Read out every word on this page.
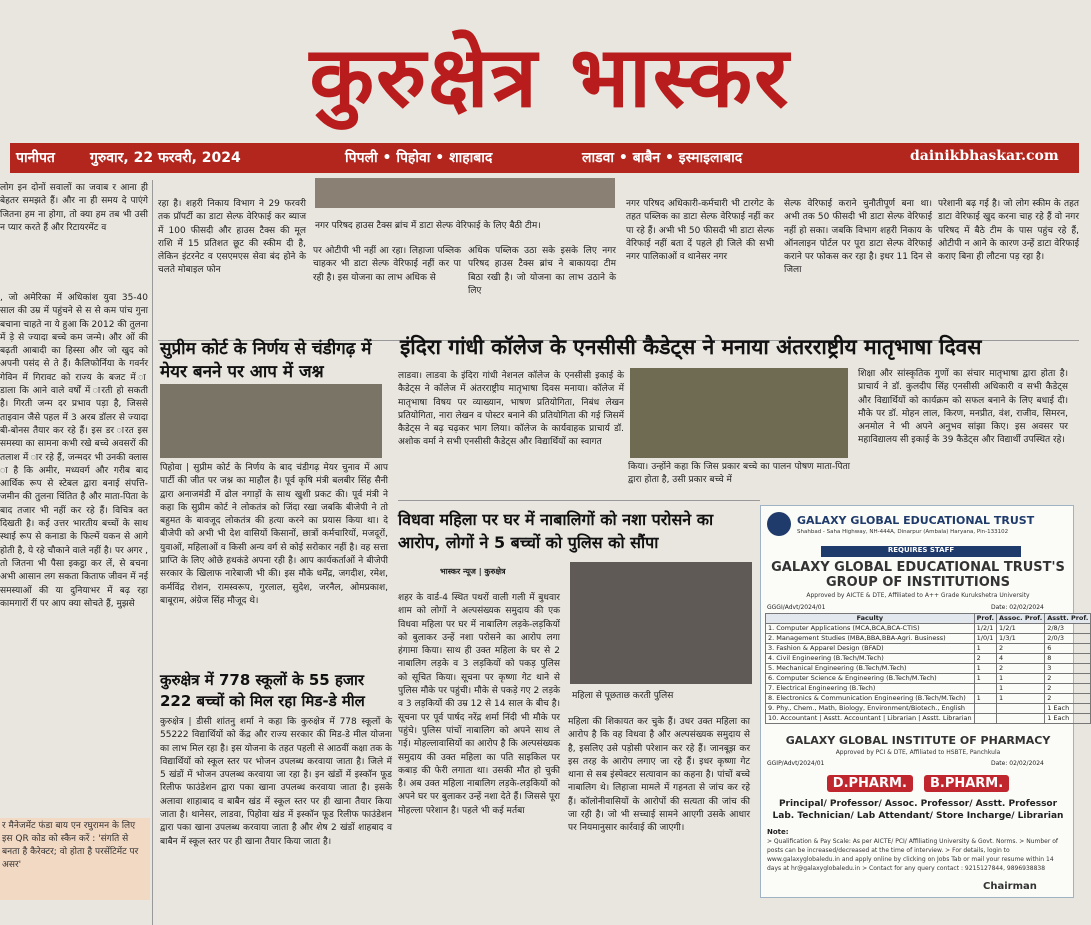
कुरुक्षेत्र भास्कर
पानीपत	गुरुवार, 22 फरवरी, 2024	पिपली • पिहोवा • शाहाबाद	लाडवा • बाबैन • इस्माइलाबाद	dainikbhaskar.com
लोग इन दोनों सवालों का जवाब र आना ही बेहतर समझते हैं। और ना ही समय दे पाएंगे जितना हम ना होगा, तो क्या हम तब भी उसी न प्यार करते हैं और रिटायरमेंट व
रहा है। शहरी निकाय विभाग ने 29 फरवरी तक प्रॉपर्टी का डाटा सेल्फ वेरिफाई कर ब्याज में 100 फीसदी और हाउस टैक्स की मूल राशि में 15 प्रतिशत छूट की स्कीम दी है, लेकिन इंटरनेट व एसएमएस सेवा बंद होने के चलते मोबाइल फोन
नगर परिषद हाउस टैक्स ब्रांच में डाटा सेल्फ वेरिफाई के लिए बैठी टीम।
पर ओटीपी भी नहीं आ रहा। लिहाजा पब्लिक चाहकर भी डाटा सेल्फ वेरिफाई नहीं कर पा रही है। इस योजना का लाभ अधिक से
अधिक पब्लिक उठा सके इसके लिए नगर परिषद हाउस टैक्स ब्रांच ने बाकायदा टीम बिठा रखी है। जो योजना का लाभ उठाने के लिए
नगर परिषद अधिकारी-कर्मचारी भी टारगेट के तहत पब्लिक का डाटा सेल्फ वेरिफाई नहीं कर पा रहे हैं। अभी भी 50 फीसदी भी डाटा सेल्फ वेरिफाई नहीं बता दें पहले ही जिले की सभी नगर पालिकाओं व थानेसर नगर
सेल्फ वेरिफाई कराने चुनौतीपूर्ण बना था। अभी तक 50 फीसदी भी डाटा सेल्फ वेरिफाई नहीं हो सका। जबकि विभाग शहरी निकाय के ऑनलाइन पोर्टल पर पूरा डाटा सेल्फ वेरिफाई कराने पर फोकस कर रहा है। इधर 11 दिन से जिला
परेशानी बढ़ गई है। जो लोग स्कीम के तहत डाटा वेरिफाई खुद करना चाह रहे हैं वो नगर परिषद में बैठे टीम के पास पहुंच रहे हैं, ओटीपी न आने के कारण उन्हें डाटा वेरिफाई कराए बिना ही लौटना पड़ रहा है।
, जो अमेरिका में अधिकांश युवा 35-40 साल की उम्र में पहुंचने से स से कम पांच गुना बचाना चाहते ना ये हुआ कि 2012 की तुलना में ड़े से ज्यादा बच्चे कम जन्मे। और ओं की बढ़ती आबादी का हिस्सा और जो खुद को अपनी पसंद से ते हैं। कैलिफोर्निया के गवर्नर गेविन में गिरावट को राज्य के बजट में ा डाला कि आने वाले वर्षों में ारती हो सकती है। गिरती जन्म दर प्रभाव पड़ा है, जिससे ताइवान जैसे पहल में 3 अरब डॉलर से ज्यादा बी-बोनस तैयार कर रहे हैं। इस डर ारत इस समस्या का सामना कभी रखे बच्चे अवसरों की तलाश में ार रहे हैं, जन्मदर भी उनकी क्लास ा है कि अमीर, मध्यवर्ग और गरीब बाद आर्थिक रूप से स्टेबल द्वारा बनाई संपत्ति-जमीन की तुलना चिंतित है और माता-पिता के बाद तजार भी नहीं कर रहे हैं। विचित्र क्त दिखती है। कई उत्तर भारतीय बच्चों के साथ स्थाई रूप से कनाडा के फिल्में यकन से आगे होती है, ये रहे चौकाने वाले नहीं है। पर अगर , तो जितना भी पैसा इकट्ठा कर लें, से बचना अभी आसान लग सकता किताफ जीवन में नई समस्याओं की या दुनियाभर में बढ़ रहा कामगारों रीं पर आप क्या सोचते हैं, मुझसे
र मैनेजमेंट फंडा बाय एन रघुरामन के लिए इस QR कोड को स्कैन करें : 'संगति से बनता है कैरेक्टर; वो होता है परसेंटिमेंट पर असर'
सुप्रीम कोर्ट के निर्णय से चंडीगढ़ में मेयर बनने पर आप में जश्न
पिहोवा | सुप्रीम कोर्ट के निर्णय के बाद चंडीगढ़ मेयर चुनाव में आप पार्टी की जीत पर जश्न का माहौल है। पूर्व कृषि मंत्री बलबीर सिंह सैनी द्वारा अनाजमंडी में ढोल नगाड़ों के साथ खुशी प्रकट की। पूर्व मंत्री ने कहा कि सुप्रीम कोर्ट ने लोकतंत्र को जिंदा रखा जबकि बीजेपी ने तो बहुमत के बावजूद लोकतंत्र की हत्या करने का प्रयास किया था। दे बीजेपी को अभी भी देश वासियों किसानों, छात्रों कर्मचारियों, मजदूरों, युवाओं, महिलाओं व किसी अन्य वर्ग से कोई सरोकार नहीं है। वह सत्ता प्राप्ति के लिए ओछे हथकंडे अपना रही है। आप कार्यकर्ताओं ने बीजेपी सरकार के खिलाफ नारेबाजी भी की। इस मौके धर्मेंद्र, जगदीश, रमेश, कर्मविंद्र रोशन, रामस्वरूप, गुरलाल, सुदेश, जरनैल, ओमप्रकाश, बाबूराम, अंग्रेज सिंह मौजूद थे।
कुरुक्षेत्र में 778 स्कूलों के 55 हजार 222 बच्चों को मिल रहा मिड-डे मील
कुरुक्षेत्र | डीसी शांतनु शर्मा ने कहा कि कुरुक्षेत्र में 778 स्कूलों के 55222 विद्यार्थियों को केंद्र और राज्य सरकार की मिड-डे मील योजना का लाभ मिल रहा है। इस योजना के तहत पहली से आठवीं कक्षा तक के विद्यार्थियों को स्कूल स्तर पर भोजन उपलब्ध करवाया जाता है। जिले में 5 खंडों में भोजन उपलब्ध करवाया जा रहा है। इन खंडों में इस्कॉन फूड रिलीफ फाउंडेशन द्वारा पका खाना उपलब्ध करवाया जाता है। इसके अलावा शाहाबाद व बाबैन खंड में स्कूल स्तर पर ही खाना तैयार किया जाता है। थानेसर, लाडवा, पिहोवा खंड में इस्कॉन फूड रिलीफ फाउंडेशन द्वारा पका खाना उपलब्ध करवाया जाता है और शेष 2 खंडों शाहबाद व बाबैन में स्कूल स्तर पर ही खाना तैयार किया जाता है।
इंदिरा गांधी कॉलेज के एनसीसी कैडेट्स ने मनाया अंतरराष्ट्रीय मातृभाषा दिवस
लाडवा। लाडवा के इंदिरा गांधी नेशनल कॉलेज के एनसीसी इकाई के कैडेट्स ने कॉलेज में अंतरराष्ट्रीय मातृभाषा दिवस मनाया। कॉलेज में मातृभाषा विषय पर व्याख्यान, भाषण प्रतियोगिता, निबंध लेखन प्रतियोगिता, नारा लेखन व पोस्टर बनाने की प्रतियोगिता की गई जिसमें कैडेट्स ने बढ़ चढ़कर भाग लिया। कॉलेज के कार्यवाहक प्राचार्य डॉ. अशोक वर्मा ने सभी एनसीसी कैडेट्स और विद्यार्थियों का स्वागत
किया। उन्होंने कहा कि जिस प्रकार बच्चे का पालन पोषण माता-पिता द्वारा होता है, उसी प्रकार बच्चे में
शिक्षा और सांस्कृतिक गुणों का संचार मातृभाषा द्वारा होता है। प्राचार्य ने डॉ. कुलदीप सिंह एनसीसी अधिकारी व सभी कैडेट्स और विद्यार्थियों को कार्यक्रम को सफल बनाने के लिए बधाई दी। मौके पर डॉ. मोहन लाल, किरण, मनप्रीत, वंश, राजीव, सिमरन, अनमोल ने भी अपने अनुभव सांझा किए। इस अवसर पर महाविद्यालय सी इकाई के 39 कैडेट्स और विद्यार्थी उपस्थित रहे।
विधवा महिला पर घर में नाबालिगों को नशा परोसने का आरोप, लोगों ने 5 बच्चों को पुलिस को सौंपा
भास्कर न्यूज | कुरुक्षेत्र
शहर के वार्ड-4 स्थित पथरों वाली गली में बुधवार शाम को लोगों ने अल्पसंख्यक समुदाय की एक विधवा महिला पर घर में नाबालिग लड़के-लड़कियों को बुलाकर उन्हें नशा परोसने का आरोप लगा हंगामा किया। साथ ही उक्त महिला के घर से 2 नाबालिग लड़के व 3 लड़कियों को पकड़ पुलिस को सूचित किया। सूचना पर कृष्णा गेट थाने से पुलिस मौके पर पहुंची। मौके से पकड़े गए 2 लड़के व 3 लड़कियों की उम्र 12 से 14 साल के बीच है। सूचना पर पूर्व पार्षद नरेंद्र शर्मा निंदी भी मौके पर पहुंचे। पुलिस पांचों नाबालिग को अपने साथ ले गई। मोहल्लावासियों का आरोप है कि अल्पसंख्यक समुदाय की उक्त महिला का पति साइकिल पर कबाड़ की फेरी लगाता था। उसकी मौत हो चुकी है। अब उक्त महिला नाबालिग लड़के-लड़कियों को अपने घर पर बुलाकर उन्हें नशा देते हैं। जिससे पूरा मोहल्ला परेशान है। पहले भी कई मर्तबा
महिला से पूछताछ करती पुलिस
महिला की शिकायत कर चुके हैं। उधर उक्त महिला का आरोप है कि वह विधवा है और अल्पसंख्यक समुदाय से है, इसलिए उसे पड़ोसी परेशान कर रहे हैं। जानबूझ कर इस तरह के आरोप लगाए जा रहे हैं। इधर कृष्णा गेट थाना से सब इंस्पेक्टर सत्यावान का कहना है। पांचों बच्चे नाबालिग थे। लिहाजा मामले में गहनता से जांच कर रहे हैं। कॉलोनीवासियों के आरोपों की सत्यता की जांच की जा रही है। जो भी सच्चाई सामने आएगी उसके आधार पर नियमानुसार कार्रवाई की जाएगी।
GALAXY GLOBAL EDUCATIONAL TRUST
Shahbad - Saha Highway, NH-444A, Dinarpur (Ambala) Haryana, Pin-133102
REQUIRES STAFF
GALAXY GLOBAL EDUCATIONAL TRUST'S GROUP OF INSTITUTIONS
Approved by AICTE & DTE, Affiliated to A++ Grade Kurukshetra University
GGGI/Advt/2024/01	Date: 02/02/2024
Faculty	Prof.	Assoc. Prof.	Asstt. Prof.
1. Computer Applications (MCA,BCA,BCA-CTIS)	1/2/1	1/2/1	2/8/3
2. Management Studies (MBA,BBA,BBA-Agri. Business)	1/0/1	1/3/1	2/0/3
3. Fashion & Apparel Design (BFAD)	1	2	6
4. Civil Engineering (B.Tech/M.Tech)	2	4	8
5. Mechanical Engineering (B.Tech/M.Tech)	1	2	3
6. Computer Science & Engineering (B.Tech/M.Tech)	1	1	2
7. Electrical Engineering (B.Tech)		1	2
8. Electronics & Communication Engineering (B.Tech/M.Tech)	1	1	2
9. Phy., Chem., Math, Biology, Environment/Biotech., English			1 Each
10. Accountant | Asstt. Accountant | Librarian | Asstt. Librarian			1 Each
GALAXY GLOBAL INSTITUTE OF PHARMACY
Approved by PCI & DTE, Affiliated to HSBTE, Panchkula
GGIP/Advt/2024/01	Date: 02/02/2024
D.PHARM. B.PHARM.
Principal/ Professor/ Assoc. Professor/ Asstt. Professor Lab. Technician/ Lab Attendant/ Store Incharge/ Librarian
Note:
> Qualification & Pay Scale: As per AICTE/ PCI/ Affiliating University & Govt. Norms. > Number of posts can be increased/decreased at the time of interview. > For details, login to www.galaxyglobaledu.in and apply online by clicking on Jobs Tab or mail your resume within 14 days at hr@galaxyglobaledu.in > Contact for any query contact : 9215127844, 9896938838
Chairman
